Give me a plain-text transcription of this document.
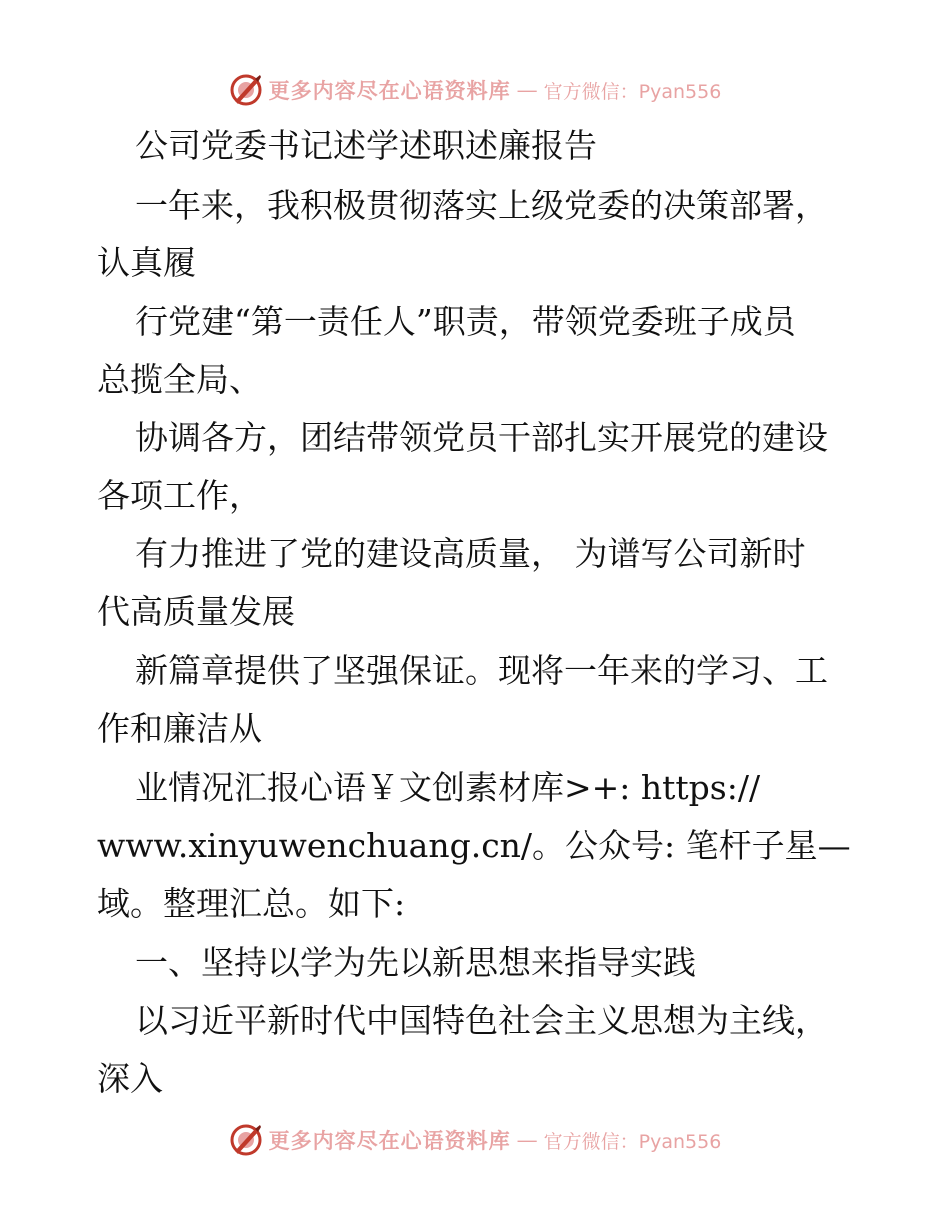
更多内容尽在心语资料库 — 官方微信：Pyan556
公司党委书记述学述职述廉报告
一年来，我积极贯彻落实上级党委的决策部署，
认真履
行党建“第一责任人”职责，带领党委班子成员
总揽全局、
协调各方，团结带领党员干部扎实开展党的建设
各项工作，
有力推进了党的建设高质量， 为谱写公司新时
代高质量发展
新篇章提供了坚强保证。现将一年来的学习、工
作和廉洁从
业情况汇报心语￥文创素材库>+: https://
www.xinyuwenchuang.cn/。公众号: 笔杆子星—
域。整理汇总。如下:
一、坚持以学为先以新思想来指导实践
以习近平新时代中国特色社会主义思想为主线，
深入
更多内容尽在心语资料库 — 官方微信：Pyan556
